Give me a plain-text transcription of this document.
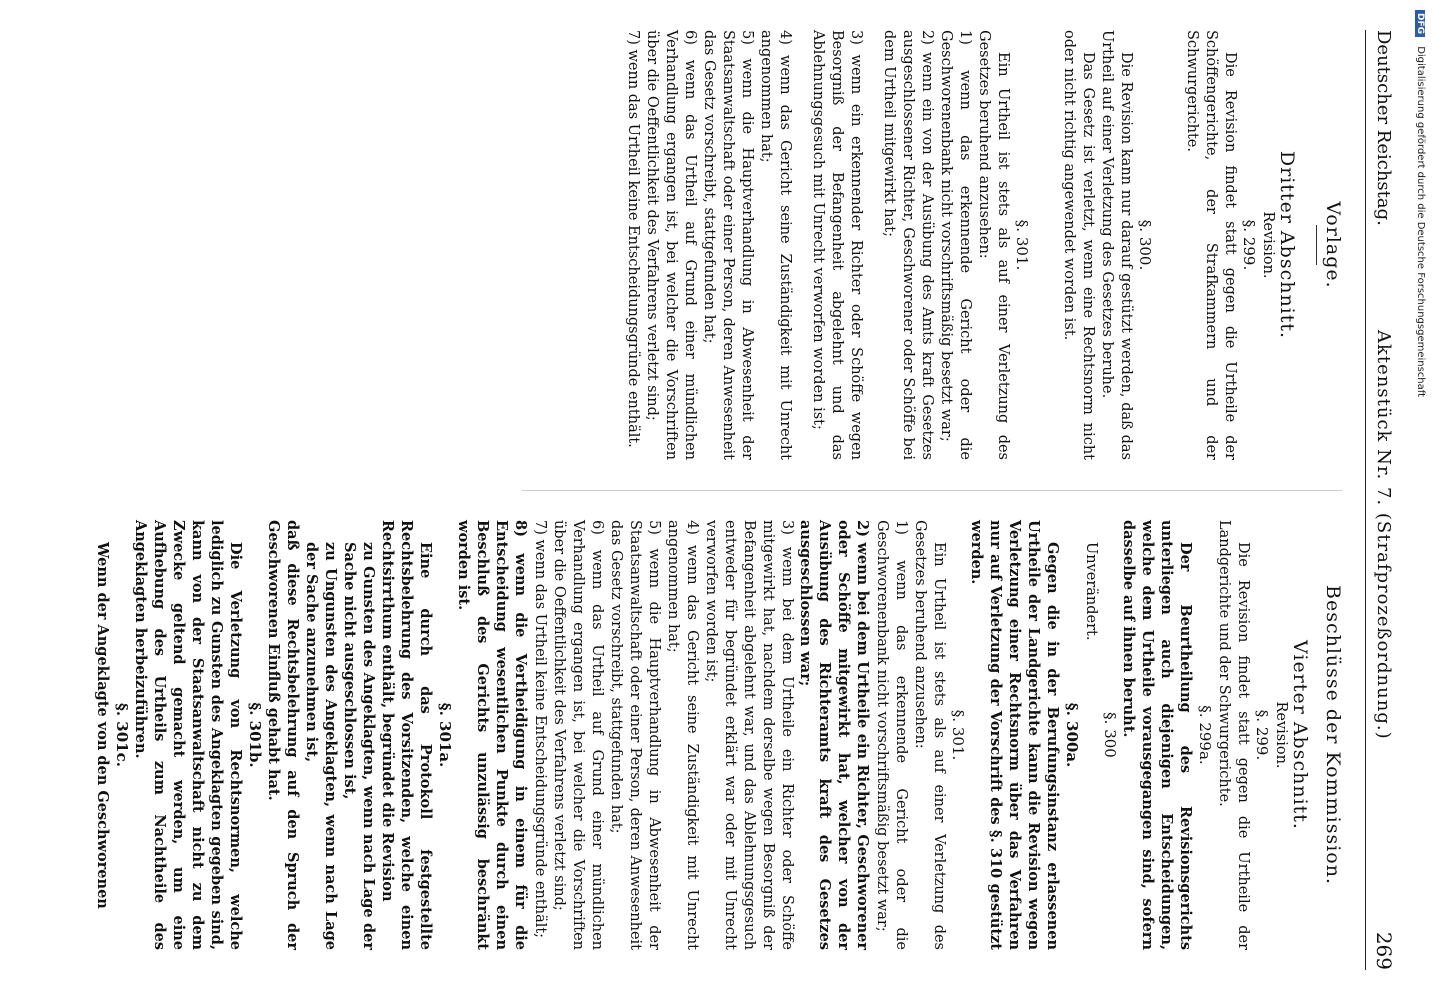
Deutscher Reichstag.
Aktenstück Nr. 7. (Strafprozeßordnung.)
269
Vorlage.
Dritter Abschnitt.
Revision.
§. 299.

Die Revision findet statt gegen die Urtheile der Schöffengerichte, der Strafkammern und der Schwurgerichte.

§. 300.

Die Revision kann nur darauf gestützt werden, daß das Urtheil auf einer Verletzung des Gesetzes beruhe.

Das Gesetz ist verletzt, wenn eine Rechtsnorm nicht oder nicht richtig angewendet worden ist.

§. 301.

Ein Urtheil ist stets als auf einer Verletzung des Gesetzes beruhend anzusehen:

1) wenn das erkennende Gericht oder die Geschworenenbank nicht vorschriftsmäßig besetzt war;

2) wenn ein von der Ausübung des Amts kraft Gesetzes ausgeschlossener Richter, Geschworener oder Schöffe bei dem Urtheil mitgewirkt hat;

3) wenn ein erkennender Richter oder Schöffe wegen Besorgniß der Befangenheit abgelehnt und das Ablehnungsgesuch mit Unrecht verworfen worden ist;

4) wenn das Gericht seine Zuständigkeit mit Unrecht angenommen hat;

5) wenn die Hauptverhandlung in Abwesenheit der Staatsanwaltschaft oder einer Person, deren Anwesenheit das Gesetz vorschreibt, stattgefunden hat;

6) wenn das Urtheil auf Grund einer mündlichen Verhandlung ergangen ist, bei welcher die Vorschriften über die Oeffentlichkeit des Verfahrens verletzt sind;

7) wenn das Urtheil keine Entscheidungsgründe enthält.

Beschlüsse der Kommission.
Vierter Abschnitt.
Revision.
§. 299.

Die Revision findet statt gegen die Urtheile der Landgerichte und der Schwurgerichte.

§. 299a.

Der Beurtheilung des Revisionsgerichts unterliegen auch diejenigen Entscheidungen, welche dem Urtheile vorausgegangen sind, sofern dasselbe auf ihnen beruht.

§. 300

Unverändert.

§. 300a.

Gegen die in der Berufungsinstanz erlassenen Urtheile der Landgerichte kann die Revision wegen Verletzung einer Rechtsnorm über das Verfahren nur auf Verletzung der Vorschrift des §. 310 gestützt werden.

§. 301.

Ein Urtheil ist stets als auf einer Verletzung des Gesetzes beruhend anzusehen:

1) wenn das erkennende Gericht oder die Geschworenenbank nicht vorschriftsmäßig besetzt war;

2) wenn bei dem Urtheile ein Richter, Geschworener oder Schöffe mitgewirkt hat, welcher von der Ausübung des Richteramts kraft des Gesetzes ausgeschlossen war;

3) wenn bei dem Urtheile ein Richter oder Schöffe mitgewirkt hat, nachdem derselbe wegen Besorgniß der Befangenheit abgelehnt war, und das Ablehnungsgesuch entweder für begründet erklärt war oder mit Unrecht verworfen worden ist;

4) wenn das Gericht seine Zuständigkeit mit Unrecht angenommen hat;

5) wenn die Hauptverhandlung in Abwesenheit der Staatsanwaltschaft oder einer Person, deren Anwesenheit das Gesetz vorschreibt, stattgefunden hat;

6) wenn das Urtheil auf Grund einer mündlichen Verhandlung ergangen ist, bei welcher die Vorschriften über die Oeffentlichkeit des Verfahrens verletzt sind;

7) wenn das Urtheil keine Entscheidungsgründe enthält;

8) wenn die Vertheidigung in einem für die Entscheidung wesentlichen Punkte durch einen Beschluß des Gerichts unzulässig beschränkt worden ist.

§. 301a.

Eine durch das Protokoll festgestellte Rechtsbelehrung des Vorsitzenden, welche einen Rechtsirrthum enthält, begründet die Revision

zu Gunsten des Angeklagten, wenn nach Lage der Sache nicht ausgeschlossen ist,

zu Ungunsten des Angeklagten, wenn nach Lage der Sache anzunehmen ist,

daß diese Rechtsbelehrung auf den Spruch der Geschworenen Einfluß gehabt hat.

§. 301b.

Die Verletzung von Rechtsnormen, welche lediglich zu Gunsten des Angeklagten gegeben sind, kann von der Staatsanwaltschaft nicht zu dem Zwecke geltend gemacht werden, um eine Aufhebung des Urtheils zum Nachtheile des Angeklagten herbeizuführen.

§. 301c.

Wenn der Angeklagte von den Geschworenen

DFG Digitalisierung gefördert durch die Deutsche Forschungsgemeinschaft
